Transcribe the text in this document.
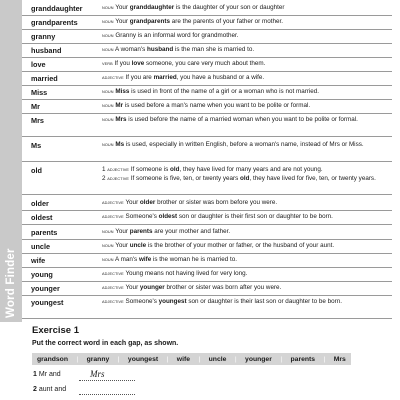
Word Finder
granddaughter	NOUN Your granddaughter is the daughter of your son or daughter
grandparents	NOUN Your grandparents are the parents of your father or mother.
granny	NOUN Granny is an informal word for grandmother.
husband	NOUN A woman's husband is the man she is married to.
love	VERB If you love someone, you care very much about them.
married	ADJECTIVE If you are married, you have a husband or a wife.
Miss	NOUN Miss is used in front of the name of a girl or a woman who is not married.
Mr	NOUN Mr is used before a man's name when you want to be polite or formal.
Mrs	NOUN Mrs is used before the name of a married woman when you want to be polite or formal.
Ms	NOUN Ms is used, especially in written English, before a woman's name, instead of Mrs or Miss.
old	1 ADJECTIVE If someone is old, they have lived for many years and are not young.
2 ADJECTIVE If someone is five, ten, or twenty years old, they have lived for five, ten, or twenty years.
older	ADJECTIVE Your older brother or sister was born before you were.
oldest	ADJECTIVE Someone's oldest son or daughter is their first son or daughter to be born.
parents	NOUN Your parents are your mother and father.
uncle	NOUN Your uncle is the brother of your mother or father, or the husband of your aunt.
wife	NOUN A man's wife is the woman he is married to.
young	ADJECTIVE Young means not having lived for very long.
younger	ADJECTIVE Your younger brother or sister was born after you were.
youngest	ADJECTIVE Someone's youngest son or daughter is their last son or daughter to be born.
Exercise 1
Put the correct word in each gap, as shown.
grandson | granny | youngest | wife | uncle | younger | parents | Mrs
1 Mr and	Mrs
2 aunt and
